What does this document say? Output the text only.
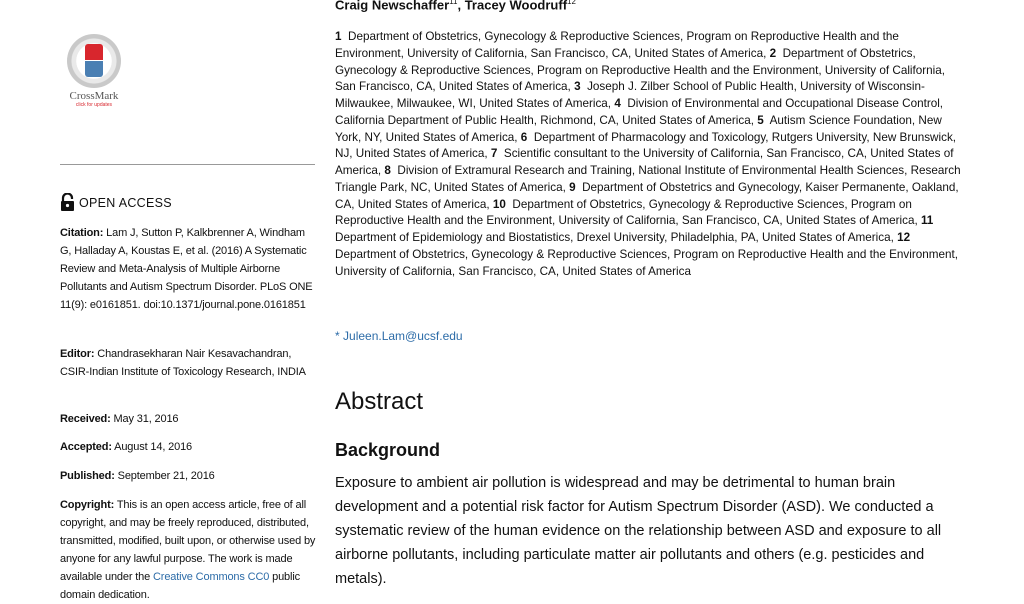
Craig Newschaffer$^{11}$, Tracey Woodruff$^{12}$
CrossMark
click for updates
OPEN ACCESS
Citation: Lam J, Sutton P, Kalkbrenner A, Windham G, Halladay A, Koustas E, et al. (2016) A Systematic Review and Meta-Analysis of Multiple Airborne Pollutants and Autism Spectrum Disorder. PLoS ONE 11(9): e0161851. doi:10.1371/journal.pone.0161851
Editor: Chandrasekharan Nair Kesavachandran, CSIR-Indian Institute of Toxicology Research, INDIA
Received: May 31, 2016
Accepted: August 14, 2016
Published: September 21, 2016
Copyright: This is an open access article, free of all copyright, and may be freely reproduced, distributed, transmitted, modified, built upon, or otherwise used by anyone for any lawful purpose. The work is made available under the Creative Commons CC0 public domain dedication.
1 Department of Obstetrics, Gynecology & Reproductive Sciences, Program on Reproductive Health and the Environment, University of California, San Francisco, CA, United States of America, 2 Department of Obstetrics, Gynecology & Reproductive Sciences, Program on Reproductive Health and the Environment, University of California, San Francisco, CA, United States of America, 3 Joseph J. Zilber School of Public Health, University of Wisconsin-Milwaukee, Milwaukee, WI, United States of America, 4 Division of Environmental and Occupational Disease Control, California Department of Public Health, Richmond, CA, United States of America, 5 Autism Science Foundation, New York, NY, United States of America, 6 Department of Pharmacology and Toxicology, Rutgers University, New Brunswick, NJ, United States of America, 7 Scientific consultant to the University of California, San Francisco, CA, United States of America, 8 Division of Extramural Research and Training, National Institute of Environmental Health Sciences, Research Triangle Park, NC, United States of America, 9 Department of Obstetrics and Gynecology, Kaiser Permanente, Oakland, CA, United States of America, 10 Department of Obstetrics, Gynecology & Reproductive Sciences, Program on Reproductive Health and the Environment, University of California, San Francisco, CA, United States of America, 11  Department of Epidemiology and Biostatistics, Drexel University, Philadelphia, PA, United States of America, 12  Department of Obstetrics, Gynecology & Reproductive Sciences, Program on Reproductive Health and the Environment, University of California, San Francisco, CA, United States of America
* Juleen.Lam@ucsf.edu
Abstract
Background
Exposure to ambient air pollution is widespread and may be detrimental to human brain development and a potential risk factor for Autism Spectrum Disorder (ASD). We conducted a systematic review of the human evidence on the relationship between ASD and exposure to all airborne pollutants, including particulate matter air pollutants and others (e.g. pesticides and metals).
